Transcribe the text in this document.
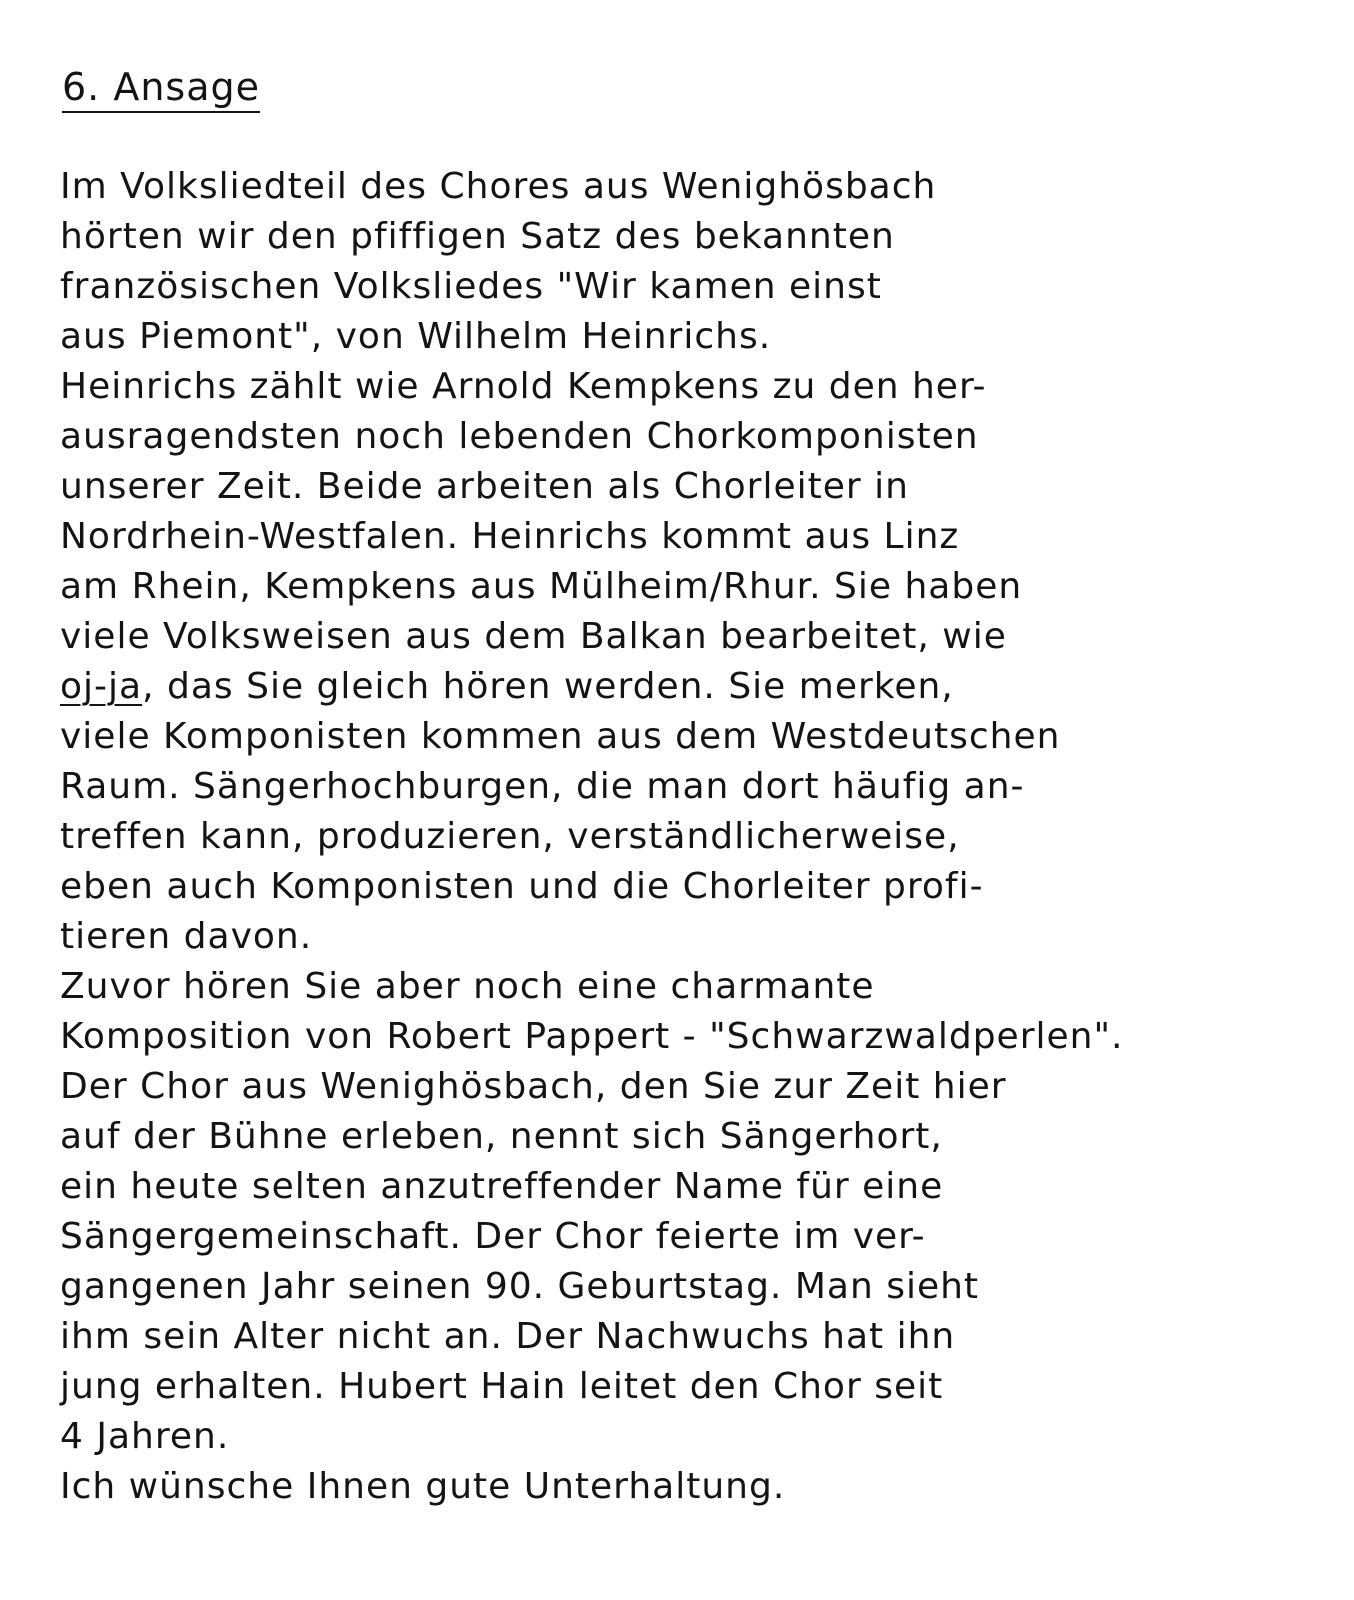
6. Ansage
Im Volksliedteil des Chores aus Wenighösbach
hörten wir den pfiffigen Satz des bekannten
französischen Volksliedes "Wir kamen einst
aus Piemont", von Wilhelm Heinrichs.
Heinrichs zählt wie Arnold Kempkens zu den her-
ausragendsten noch lebenden Chorkomponisten
unserer Zeit. Beide arbeiten als Chorleiter in
Nordrhein-Westfalen. Heinrichs kommt aus Linz
am Rhein, Kempkens aus Mülheim/Rhur. Sie haben
viele Volksweisen aus dem Balkan bearbeitet, wie
oj-ja, das Sie gleich hören werden. Sie merken,
viele Komponisten kommen aus dem Westdeutschen
Raum. Sängerhochburgen, die man dort häufig an-
treffen kann, produzieren, verständlicherweise,
eben auch Komponisten und die Chorleiter profi-
tieren davon.
Zuvor hören Sie aber noch eine charmante
Komposition von Robert Pappert - "Schwarzwaldperlen".
Der Chor aus Wenighösbach, den Sie zur Zeit hier
auf der Bühne erleben, nennt sich Sängerhort,
ein heute selten anzutreffender Name für eine
Sängergemeinschaft. Der Chor feierte im ver-
gangenen Jahr seinen 90. Geburtstag. Man sieht
ihm sein Alter nicht an. Der Nachwuchs hat ihn
jung erhalten. Hubert Hain leitet den Chor seit
4 Jahren.
Ich wünsche Ihnen gute Unterhaltung.
